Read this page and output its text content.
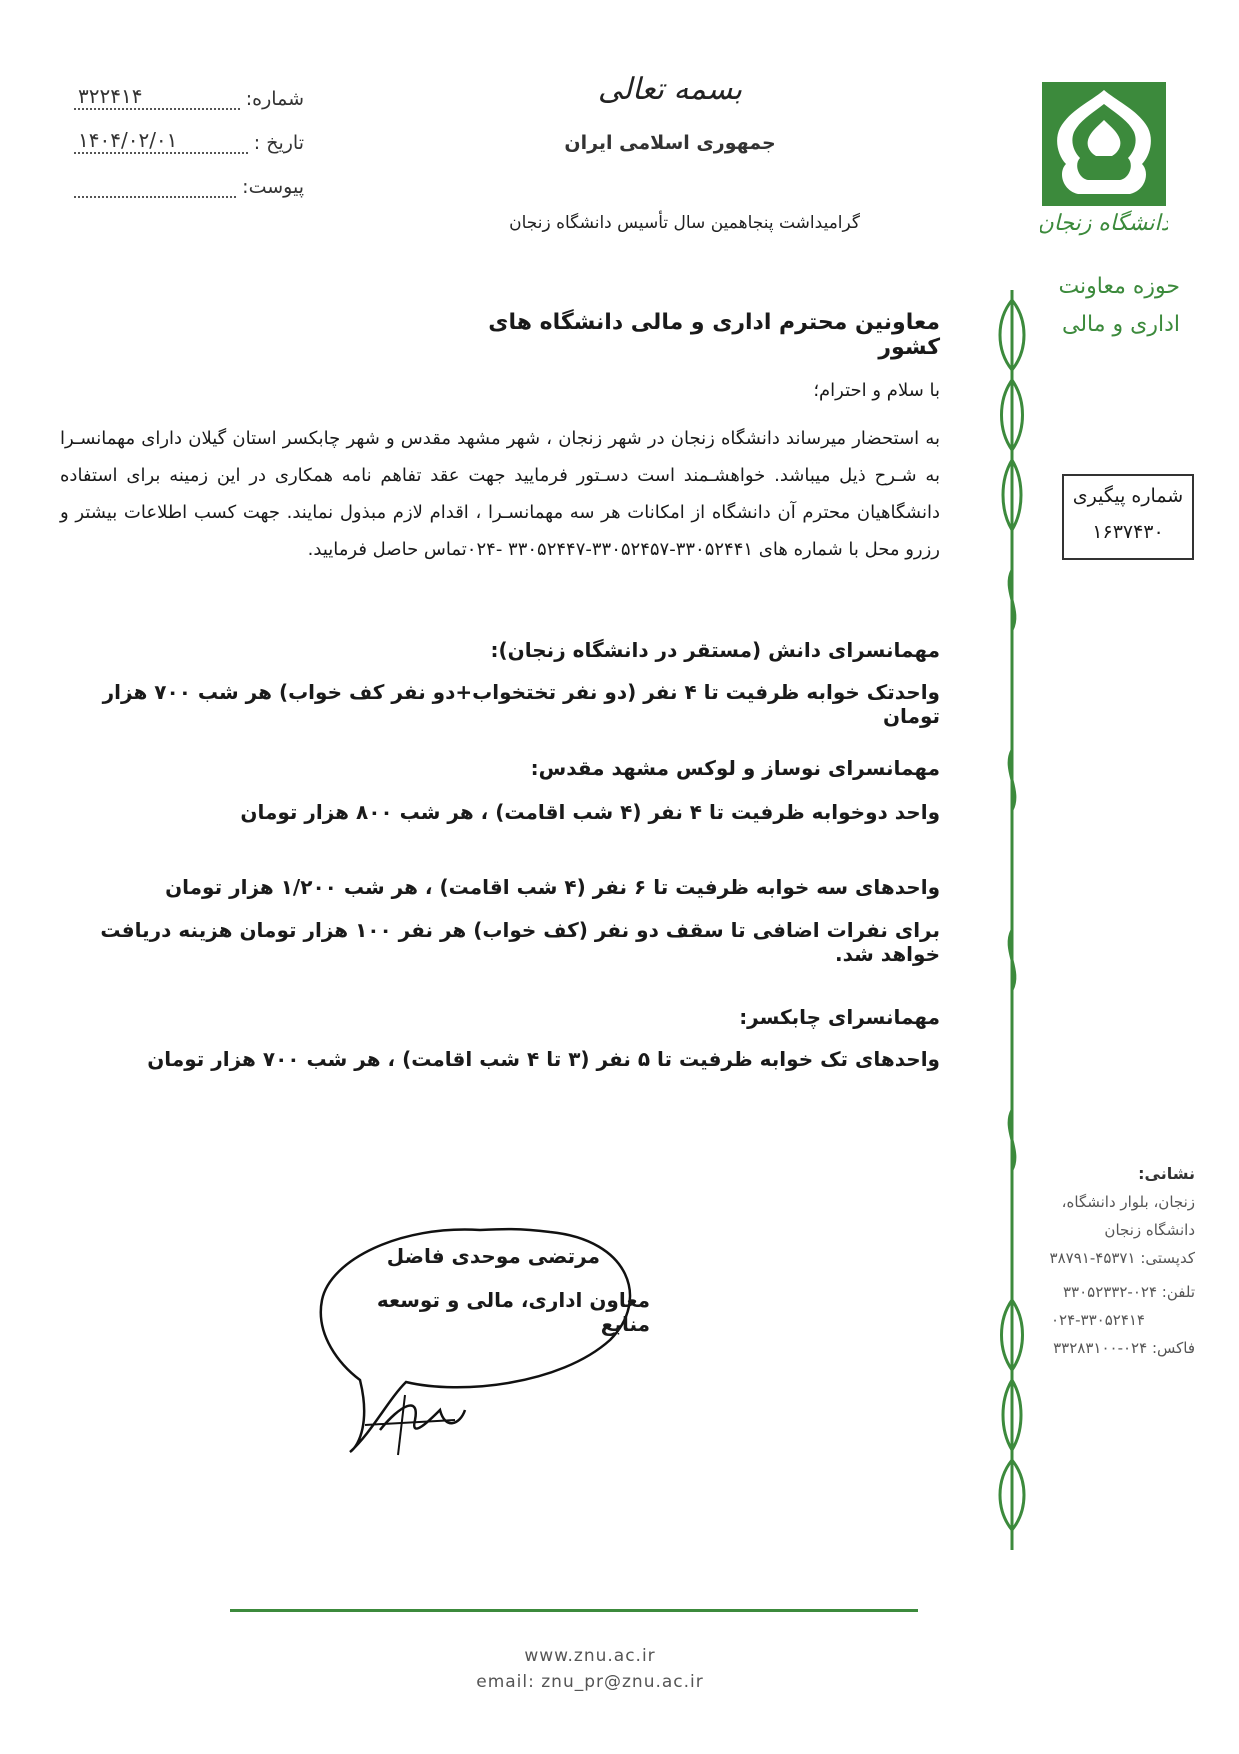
شماره:
۳۲۲۴۱۴
تاریخ :
۱۴۰۴/۰۲/۰۱
پیوست:
بسمه تعالی
جمهوری اسلامی ایران
گرامیداشت پنجاهمین سال تأسیس دانشگاه زنجان	دانشگاه زنجان
حوزه معاونت
اداری و مالی
شماره پیگیری
۱۶۳۷۴۳۰
نشانی:
زنجان، بلوار دانشگاه،
دانشگاه زنجان
کدپستی: ۴۵۳۷۱-۳۸۷۹۱
تلفن: ۰۲۴-۳۳۰۵۲۳۳۲
۰۲۴-۳۳۰۵۲۴۱۴
فاکس: ۰۲۴-۳۳۲۸۳۱۰۰
معاونین محترم اداری و مالی دانشگاه های کشور
با سلام و احترام؛
به استحضار میرساند دانشگاه زنجان در شهر زنجان ، شهر مشهد مقدس و شهر چابکسر استان گیلان دارای مهمانسـرا به شـرح ذیل میباشد. خواهشـمند است دسـتور فرمایید جهت عقد تفاهم نامه همکاری در این زمینه برای استفاده دانشگاهیان محترم آن دانشگاه از امکانات هر سه مهمانسـرا ، اقدام لازم مبذول نمایند. جهت کسب اطلاعات بیشتر و رزرو محل با شماره های ۳۳۰۵۲۴۴۱-۳۳۰۵۲۴۵۷-۳۳۰۵۲۴۴۷ -۰۲۴تماس حاصل فرمایید.
مهمانسرای دانش (مستقر در دانشگاه زنجان):
واحدتک خوابه ظرفیت تا ۴ نفر (دو نفر تختخواب+دو نفر کف خواب) هر شب ۷۰۰ هزار تومان
مهمانسرای نوساز و لوکس مشهد مقدس:
واحد دوخوابه ظرفیت تا ۴ نفر (۴ شب اقامت) ، هر شب ۸۰۰ هزار تومان
واحدهای سه خوابه ظرفیت تا ۶ نفر (۴ شب اقامت) ، هر شب ۱/۲۰۰ هزار تومان
برای نفرات اضافی تا سقف دو نفر (کف خواب) هر نفر ۱۰۰ هزار تومان هزینه دریافت خواهد شد.
مهمانسرای چابکسر:
واحدهای تک خوابه ظرفیت تا ۵ نفر (۳ تا ۴ شب اقامت) ، هر شب ۷۰۰ هزار تومان
مرتضی موحدی فاضل
معاون اداری، مالی و توسعه منابع
www.znu.ac.ir
email: znu_pr@znu.ac.ir
